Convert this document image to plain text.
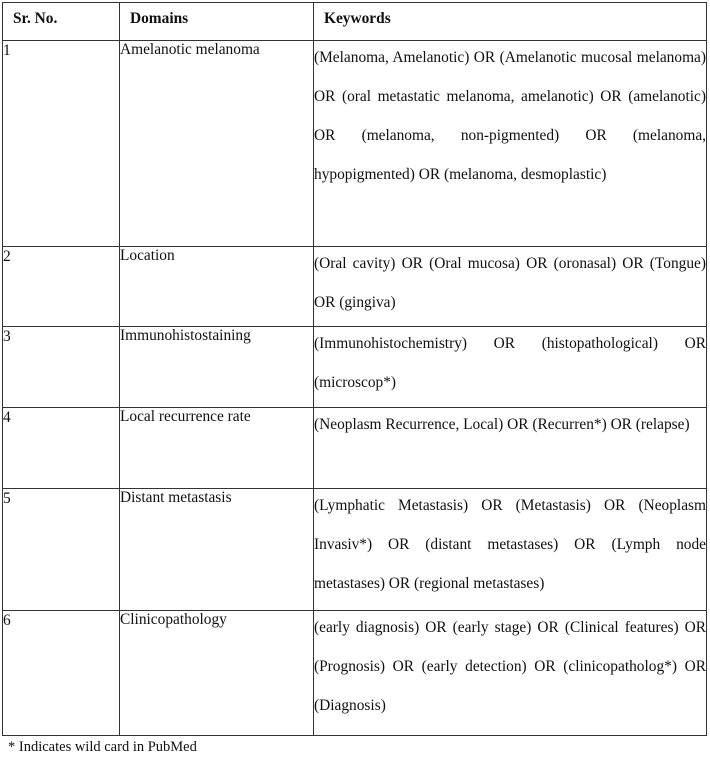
Sr. No.	Domains	Keywords
1	Amelanotic melanoma	(Melanoma, Amelanotic) OR (Amelanotic mucosal melanoma) OR (oral metastatic melanoma, amelanotic) OR (amelanotic) OR (melanoma, non-pigmented) OR (melanoma, hypopigmented) OR (melanoma, desmoplastic)

2	Location	(Oral cavity) OR (Oral mucosa) OR (oronasal) OR (Tongue) OR (gingiva)

3	Immunohistostaining	(Immunohistochemistry) OR (histopathological) OR (microscop*)

4	Local recurrence rate	(Neoplasm Recurrence, Local) OR (Recurren*) OR (relapse)

5	Distant metastasis	(Lymphatic Metastasis) OR (Metastasis) OR (Neoplasm Invasiv*) OR (distant metastases) OR (Lymph node metastases) OR (regional metastases)

6	Clinicopathology	(early diagnosis) OR (early stage) OR (Clinical features) OR (Prognosis) OR (early detection) OR (clinicopatholog*) OR (Diagnosis)
* Indicates wild card in PubMed
